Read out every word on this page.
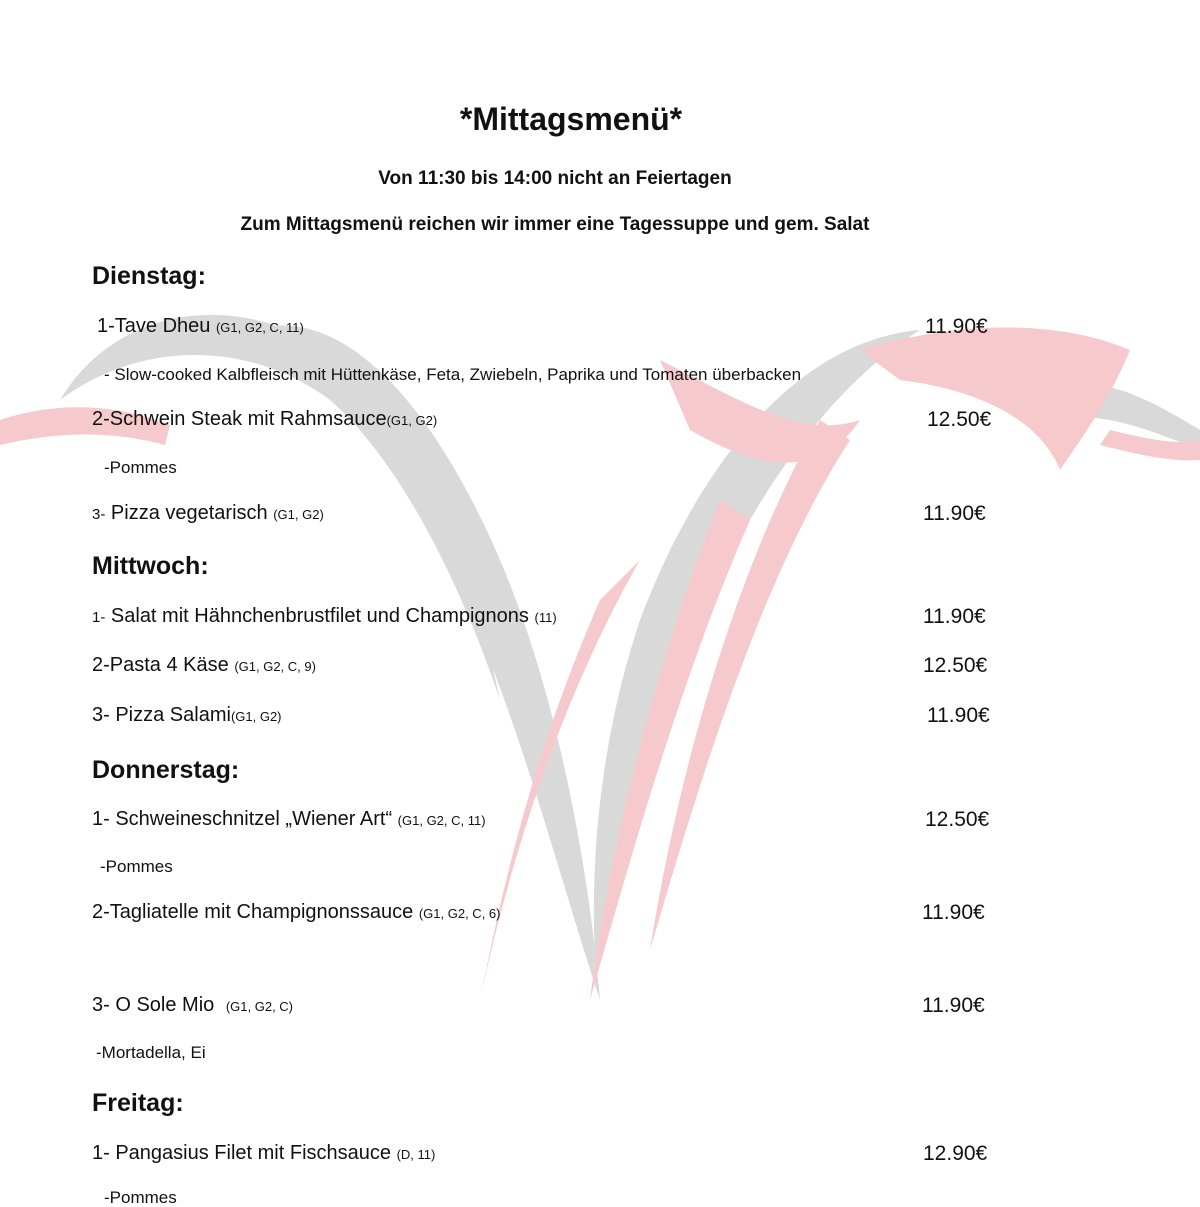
*Mittagsmenü*
Von 11:30 bis 14:00 nicht an Feiertagen
Zum Mittagsmenü reichen wir immer eine Tagessuppe und gem. Salat
Dienstag:
1-Tave Dheu (G1, G2, C, 11)	11.90€
- Slow-cooked Kalbfleisch mit Hüttenkäse, Feta, Zwiebeln, Paprika und Tomaten überbacken
2-Schwein Steak mit Rahmsauce(G1, G2)	12.50€
-Pommes
3- Pizza vegetarisch (G1, G2)	11.90€
Mittwoch:
1- Salat mit Hähnchenbrustfilet und Champignons (11)	11.90€
2-Pasta 4 Käse (G1, G2, C, 9)	12.50€
3- Pizza Salami(G1, G2)	11.90€
Donnerstag:
1- Schweineschnitzel „Wiener Art“ (G1, G2, C, 11)	12.50€
-Pommes
2-Tagliatelle mit Champignonssauce (G1, G2, C, 6)	11.90€
3- O Sole Mio (G1, G2, C)	11.90€
-Mortadella, Ei
Freitag:
1- Pangasius Filet mit Fischsauce (D, 11)	12.90€
-Pommes
